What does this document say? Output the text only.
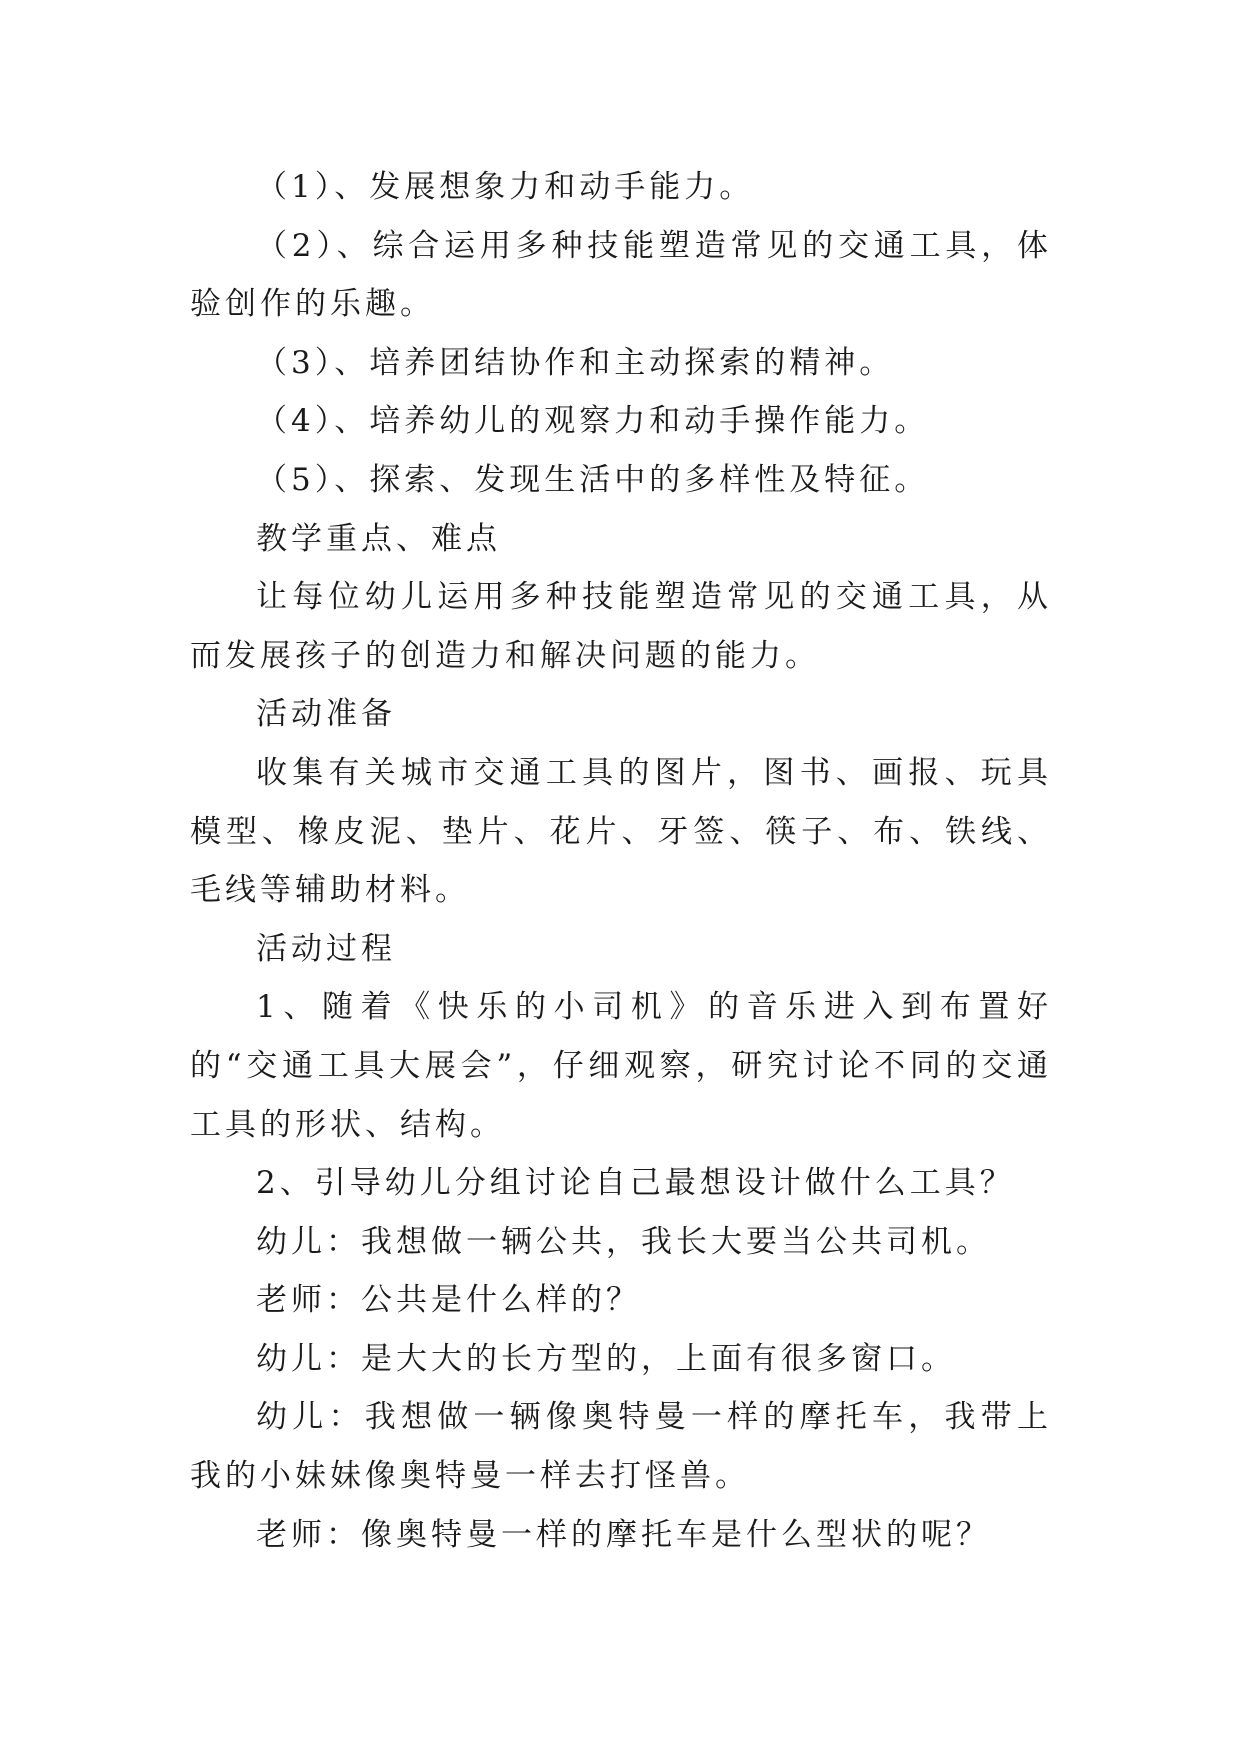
（1）、发展想象力和动手能力。

（2）、综合运用多种技能塑造常见的交通工具，体验创作的乐趣。

（3）、培养团结协作和主动探索的精神。

（4）、培养幼儿的观察力和动手操作能力。

（5）、探索、发现生活中的多样性及特征。

教学重点、难点

让每位幼儿运用多种技能塑造常见的交通工具，从而发展孩子的创造力和解决问题的能力。

活动准备

收集有关城市交通工具的图片，图书、画报、玩具模型、橡皮泥、垫片、花片、牙签、筷子、布、铁线、毛线等辅助材料。

活动过程

1、随着《快乐的小司机》的音乐进入到布置好的“交通工具大展会”，仔细观察，研究讨论不同的交通工具的形状、结构。

2、引导幼儿分组讨论自己最想设计做什么工具？

幼儿：我想做一辆公共，我长大要当公共司机。

老师：公共是什么样的？

幼儿：是大大的长方型的，上面有很多窗口。

幼儿：我想做一辆像奥特曼一样的摩托车，我带上我的小妹妹像奥特曼一样去打怪兽。

老师：像奥特曼一样的摩托车是什么型状的呢？
